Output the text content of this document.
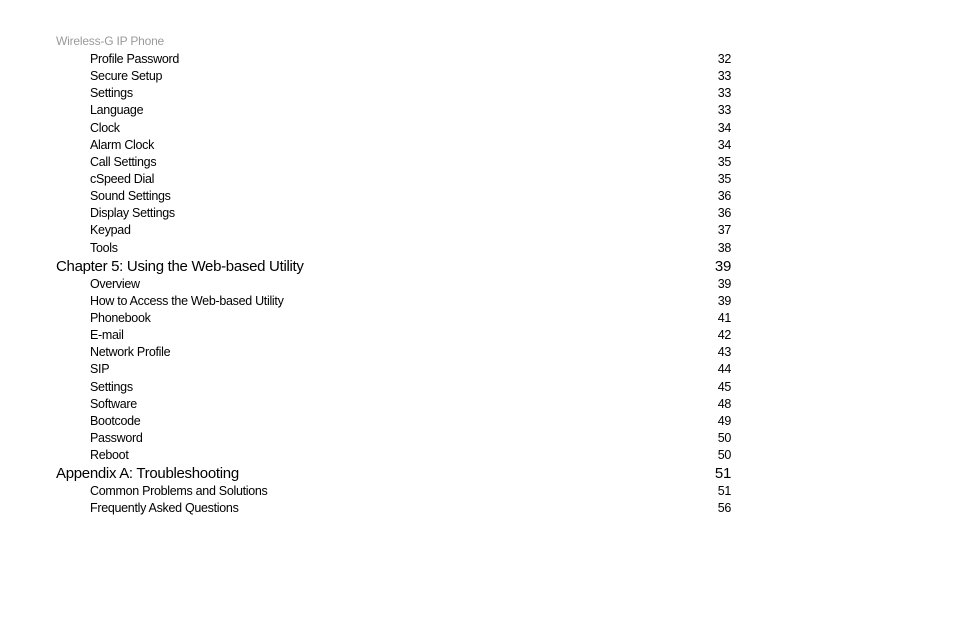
Wireless-G IP Phone
Profile Password	32
Secure Setup	33
Settings	33
Language	33
Clock	34
Alarm Clock	34
Call Settings	35
cSpeed Dial	35
Sound Settings	36
Display Settings	36
Keypad	37
Tools	38
Chapter 5: Using the Web-based Utility	39
Overview	39
How to Access the Web-based Utility	39
Phonebook	41
E-mail	42
Network Profile	43
SIP	44
Settings	45
Software	48
Bootcode	49
Password	50
Reboot	50
Appendix A: Troubleshooting	51
Common Problems and Solutions	51
Frequently Asked Questions	56
